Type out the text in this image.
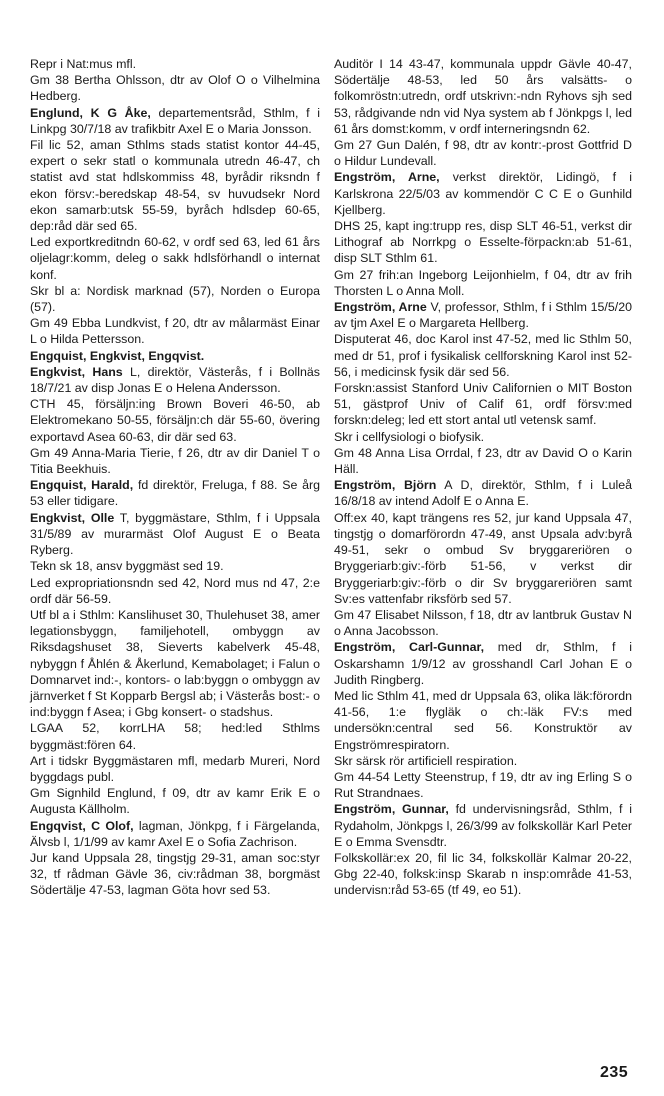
Repr i Nat:mus mfl.

Gm 38 Bertha Ohlsson, dtr av Olof O o Vilhelmina Hedberg.

Englund, K G Åke, departementsråd, Sthlm, f i Linkpg 30/7/18 av trafikbitr Axel E o Maria Jonsson.

Fil lic 52, aman Sthlms stads statist kontor 44-45, expert o sekr statl o kommunala utredn 46-47, ch statist avd stat hdlskommiss 48, byrådir riksndn f ekon försv:-beredskap 48-54, sv huvudsekr Nord ekon samarb:utsk 55-59, byråch hdlsdep 60-65, dep:råd där sed 65.

Led exportkreditndn 60-62, v ordf sed 63, led 61 års oljelagr:komm, deleg o sakk hdlsförhandl o internat konf.

Skr bl a: Nordisk marknad (57), Norden o Europa (57).

Gm 49 Ebba Lundkvist, f 20, dtr av målarmäst Einar L o Hilda Pettersson.

Engquist, Engkvist, Engqvist.

Engkvist, Hans L, direktör, Västerås, f i Bollnäs 18/7/21 av disp Jonas E o Helena Andersson.

CTH 45, försäljn:ing Brown Boveri 46-50, ab Elektromekano 50-55, försäljn:ch där 55-60, övering exportavd Asea 60-63, dir där sed 63.

Gm 49 Anna-Maria Tierie, f 26, dtr av dir Daniel T o Titia Beekhuis.

Engquist, Harald, fd direktör, Freluga, f 88. Se årg 53 eller tidigare.

Engkvist, Olle T, byggmästare, Sthlm, f i Uppsala 31/5/89 av murarmäst Olof August E o Beata Ryberg.

Tekn sk 18, ansv byggmäst sed 19.

Led expropriationsndn sed 42, Nord mus nd 47, 2:e ordf där 56-59.

Utf bl a i Sthlm: Kanslihuset 30, Thulehuset 38, amer legationsbyggn, familjehotell, ombyggn av Riksdagshuset 38, Sieverts kabelverk 45-48, nybyggn f Åhlén & Åkerlund, Kemabolaget; i Falun o Domnarvet ind:-, kontors- o lab:byggn o ombyggn av järnverket f St Kopparb Bergsl ab; i Västerås bost:- o ind:byggn f Asea; i Gbg konsert- o stadshus.

LGAA 52, korrLHA 58; hed:led Sthlms byggmäst:fören 64.

Art i tidskr Byggmästaren mfl, medarb Mureri, Nord byggdags publ.

Gm Signhild Englund, f 09, dtr av kamr Erik E o Augusta Källholm.

Engqvist, C Olof, lagman, Jönkpg, f i Färgelanda, Älvsb l, 1/1/99 av kamr Axel E o Sofia Zachrison.

Jur kand Uppsala 28, tingstjg 29-31, aman soc:styr 32, tf rådman Gävle 36, civ:rådman 38, borgmäst Södertälje 47-53, lagman Göta hovr sed 53.

Auditör I 14 43-47, kommunala uppdr Gävle 40-47, Södertälje 48-53, led 50 års valsätts- o folkomröstn:utredn, ordf utskrivn:-ndn Ryhovs sjh sed 53, rådgivande ndn vid Nya system ab f Jönkpgs l, led 61 års domst:komm, v ordf interneringsndn 62.

Gm 27 Gun Dalén, f 98, dtr av kontr:-prost Gottfrid D o Hildur Lundevall.

Engström, Arne, verkst direktör, Lidingö, f i Karlskrona 22/5/03 av kommendör C C E o Gunhild Kjellberg.

DHS 25, kapt ing:trupp res, disp SLT 46-51, verkst dir Lithograf ab Norrkpg o Esselte-förpackn:ab 51-61, disp SLT Sthlm 61.

Gm 27 frih:an Ingeborg Leijonhielm, f 04, dtr av frih Thorsten L o Anna Moll.

Engström, Arne V, professor, Sthlm, f i Sthlm 15/5/20 av tjm Axel E o Margareta Hellberg.

Disputerat 46, doc Karol inst 47-52, med lic Sthlm 50, med dr 51, prof i fysikalisk cellforskning Karol inst 52-56, i medicinsk fysik där sed 56.

Forskn:assist Stanford Univ Californien o MIT Boston 51, gästprof Univ of Calif 61, ordf försv:med forskn:deleg; led ett stort antal utl vetensk samf.

Skr i cellfysiologi o biofysik.

Gm 48 Anna Lisa Orrdal, f 23, dtr av David O o Karin Häll.

Engström, Björn A D, direktör, Sthlm, f i Luleå 16/8/18 av intend Adolf E o Anna E.

Off:ex 40, kapt trängens res 52, jur kand Uppsala 47, tingstjg o domarförordn 47-49, anst Upsala adv:byrå 49-51, sekr o ombud Sv bryggareriören o Bryggeriarb:giv:-förb 51-56, v verkst dir Bryggeriarb:giv:-förb o dir Sv bryggareriören samt Sv:es vattenfabr riksförb sed 57.

Gm 47 Elisabet Nilsson, f 18, dtr av lantbruk Gustav N o Anna Jacobsson.

Engström, Carl-Gunnar, med dr, Sthlm, f i Oskarshamn 1/9/12 av grosshandl Carl Johan E o Judith Ringberg.

Med lic Sthlm 41, med dr Uppsala 63, olika läk:förordn 41-56, 1:e flygläk o ch:-läk FV:s med undersökn:central sed 56. Konstruktör av Engströmrespiratorn.

Skr särsk rör artificiell respiration.

Gm 44-54 Letty Steenstrup, f 19, dtr av ing Erling S o Rut Strandnaes.

Engström, Gunnar, fd undervisningsråd, Sthlm, f i Rydaholm, Jönkpgs l, 26/3/99 av folkskollär Karl Peter E o Emma Svensdtr.

Folkskollär:ex 20, fil lic 34, folkskollär Kalmar 20-22, Gbg 22-40, folksk:insp Skarab n insp:område 41-53, undervisn:råd 53-65 (tf 49, eo 51).

235
